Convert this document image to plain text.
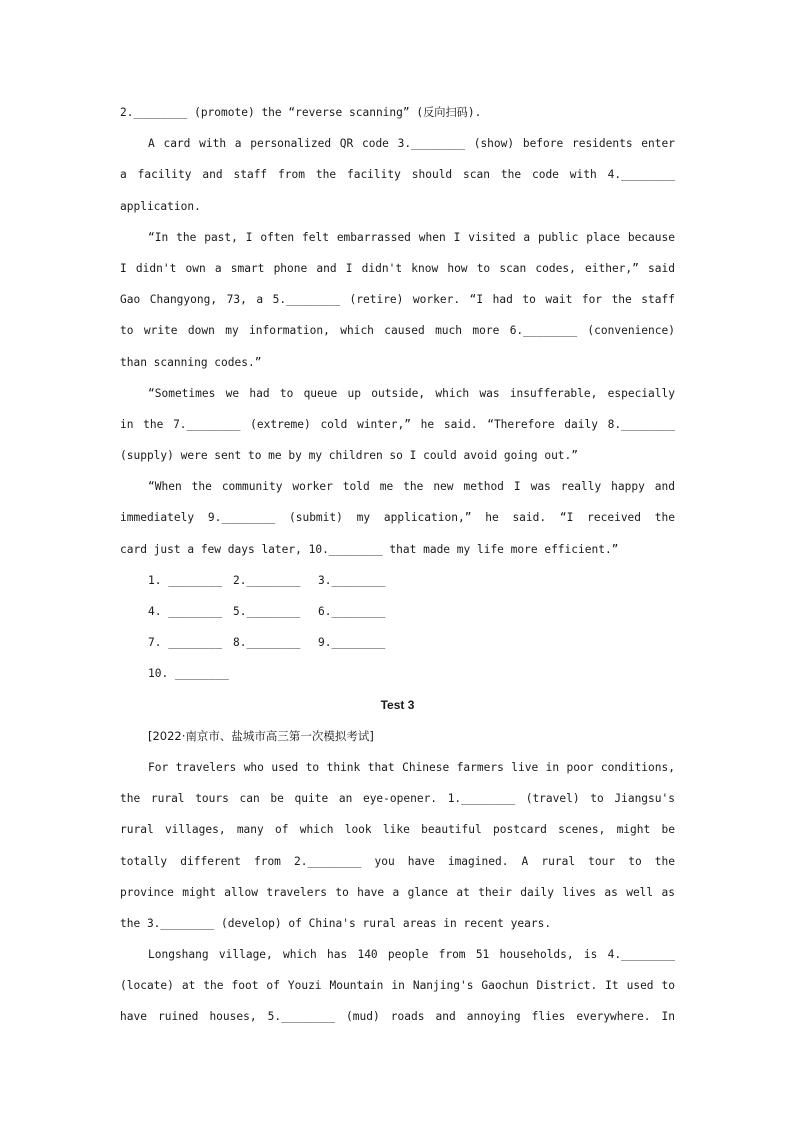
2.________ (promote) the “reverse scanning” (反向扫码).
A card with a personalized QR code 3.________ (show) before residents enter
a facility and staff from the facility should scan the code with 4.________
application.
“In the past, I often felt embarrassed when I visited a public place because
I didn't own a smart phone and I didn't know how to scan codes, either,” said
Gao Changyong, 73, a 5.________ (retire) worker. “I had to wait for the staff
to write down my information, which caused much more 6.________ (convenience)
than scanning codes.”
“Sometimes we had to queue up outside, which was insufferable, especially
in the 7.________ (extreme) cold winter,” he said. “Therefore daily 8.________
(supply) were sent to me by my children so I could avoid going out.”
“When the community worker told me the new method I was really happy and
immediately 9.________ (submit) my application,” he said. “I received the
card just a few days later, 10.________ that made my life more efficient.”
1. ________ 2.________ 3.________
4. ________ 5.________ 6.________
7. ________ 8.________ 9.________
10. ________
Test 3
[2022·南京市、盐城市高三第一次模拟考试]
For travelers who used to think that Chinese farmers live in poor conditions,
the rural tours can be quite an eye-opener. 1.________ (travel) to Jiangsu's
rural villages, many of which look like beautiful postcard scenes, might be
totally different from 2.________ you have imagined. A rural tour to the
province might allow travelers to have a glance at their daily lives as well as
the 3.________ (develop) of China's rural areas in recent years.
Longshang village, which has 140 people from 51 households, is 4.________
(locate) at the foot of Youzi Mountain in Nanjing's Gaochun District. It used to
have ruined houses, 5.________ (mud) roads and annoying flies everywhere. In
